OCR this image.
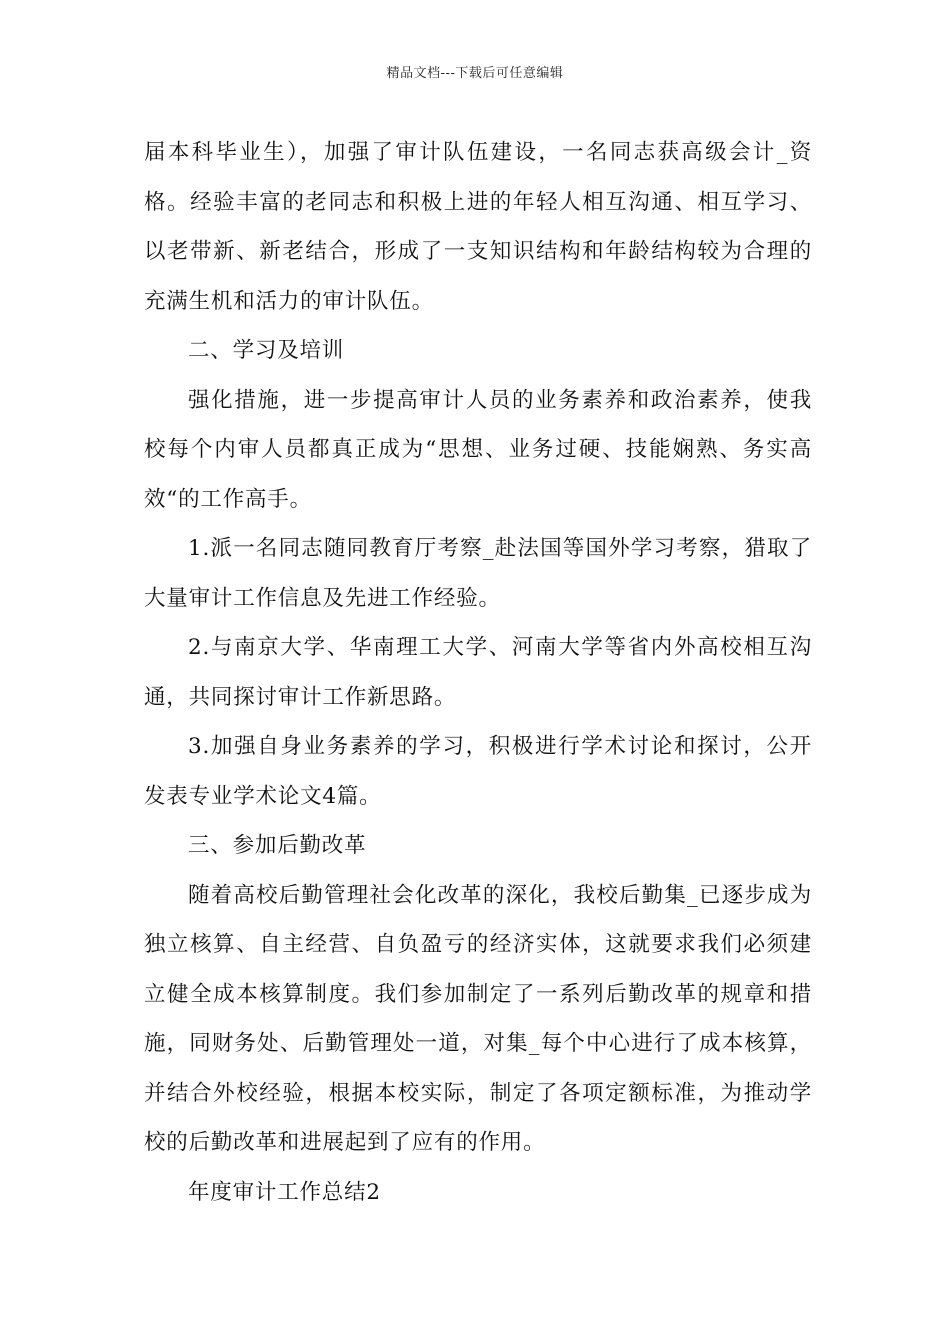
精品文档---下载后可任意编辑

届本科毕业生），加强了审计队伍建设，一名同志获高级会计_资格。经验丰富的老同志和积极上进的年轻人相互沟通、相互学习、以老带新、新老结合，形成了一支知识结构和年龄结构较为合理的充满生机和活力的审计队伍。

二、学习及培训

强化措施，进一步提高审计人员的业务素养和政治素养，使我校每个内审人员都真正成为“思想、业务过硬、技能娴熟、务实高效“的工作高手。

1.派一名同志随同教育厅考察_赴法国等国外学习考察，猎取了大量审计工作信息及先进工作经验。

2.与南京大学、华南理工大学、河南大学等省内外高校相互沟通，共同探讨审计工作新思路。

3.加强自身业务素养的学习，积极进行学术讨论和探讨，公开发表专业学术论文4篇。

三、参加后勤改革

随着高校后勤管理社会化改革的深化，我校后勤集_已逐步成为独立核算、自主经营、自负盈亏的经济实体，这就要求我们必须建立健全成本核算制度。我们参加制定了一系列后勤改革的规章和措施，同财务处、后勤管理处一道，对集_每个中心进行了成本核算，并结合外校经验，根据本校实际，制定了各项定额标准，为推动学校的后勤改革和进展起到了应有的作用。

年度审计工作总结2
